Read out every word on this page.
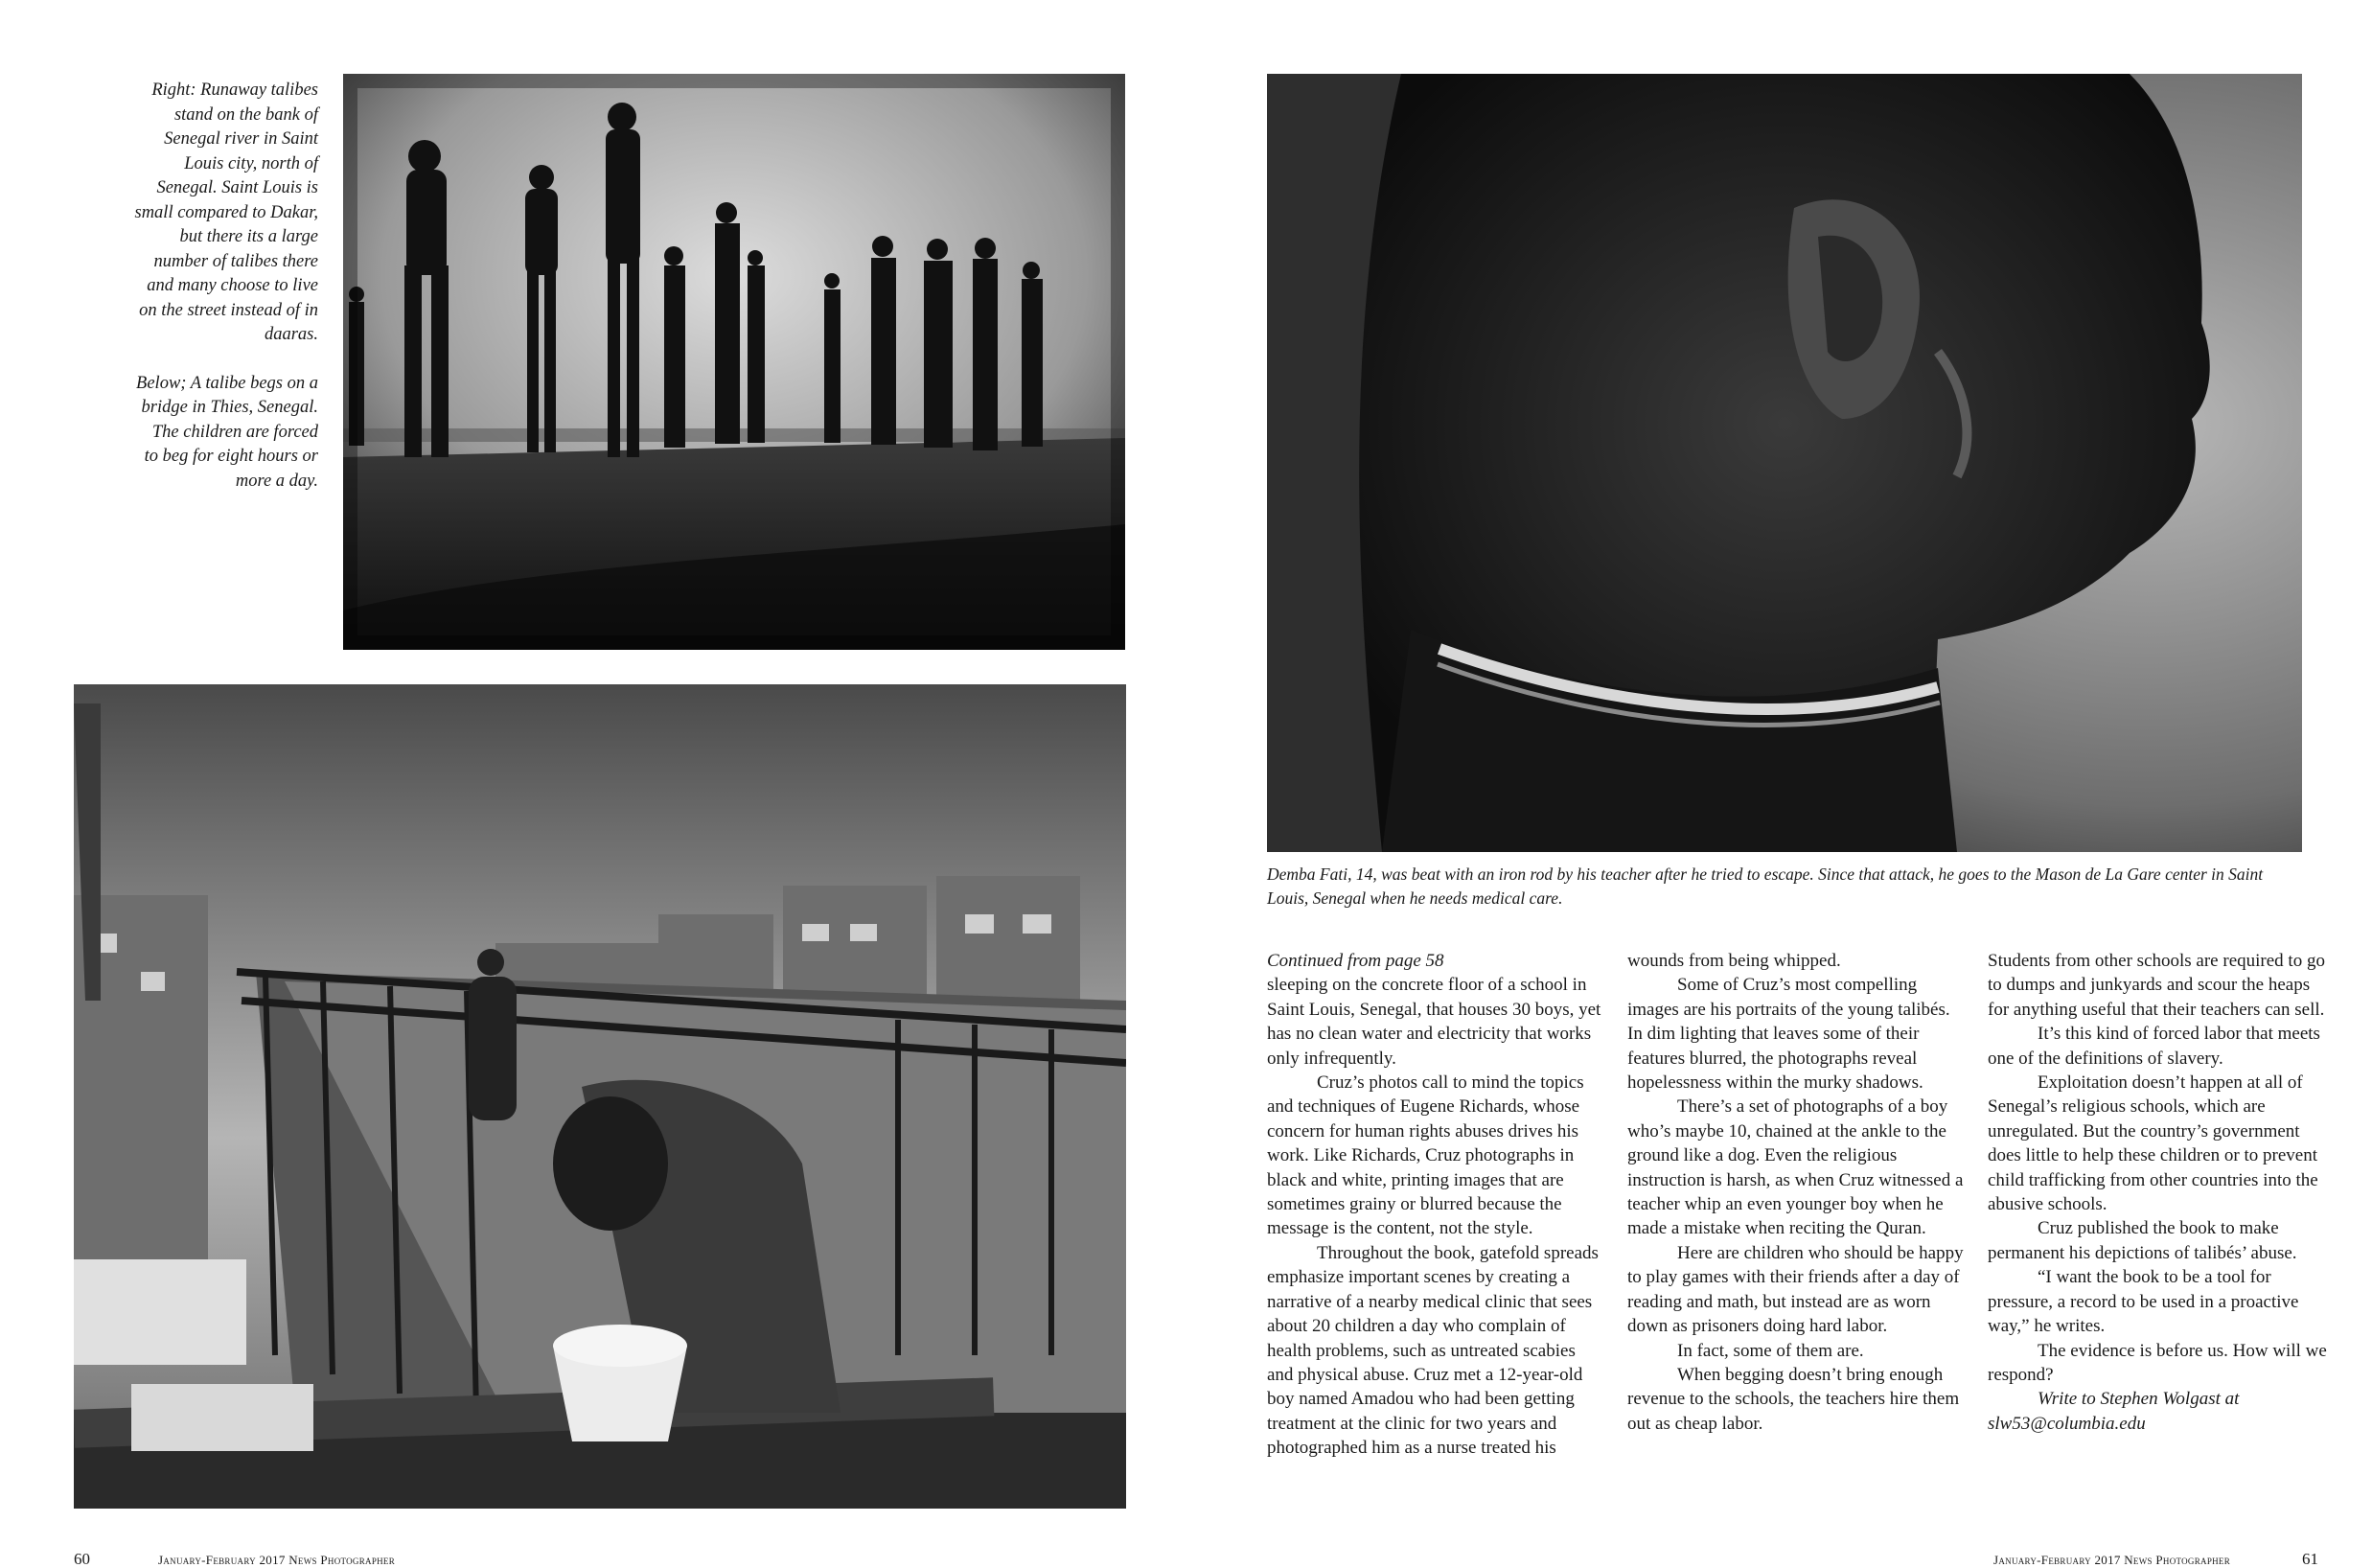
Right: Runaway talibes stand on the bank of Senegal river in Saint Louis city, north of Senegal. Saint Louis is small compared to Dakar, but there its a large number of talibes there and many choose to live on the street instead of in daaras.

Below; A talibe begs on a bridge in Thies, Senegal. The children are forced to beg for eight hours or more a day.

Demba Fati, 14, was beat with an iron rod by his teacher after he tried to escape. Since that attack, he goes to the Mason de La Gare center in Saint Louis, Senegal when he needs medical care.

Continued from page 58

sleeping on the concrete floor of a school in Saint Louis, Senegal, that houses 30 boys, yet has no clean water and electricity that works only infrequently.

Cruz’s photos call to mind the topics and techniques of Eugene Richards, whose concern for human rights abuses drives his work. Like Richards, Cruz photographs in black and white, printing images that are sometimes grainy or blurred because the message is the content, not the style.

Throughout the book, gatefold spreads emphasize important scenes by creating a narrative of a nearby medical clinic that sees about 20 children a day who complain of health problems, such as untreated scabies and physical abuse. Cruz met a 12-year-old boy named Amadou who had been getting treatment at the clinic for two years and photographed him as a nurse treated his

wounds from being whipped.

Some of Cruz’s most compelling images are his portraits of the young talibés. In dim lighting that leaves some of their features blurred, the photographs reveal hopelessness within the murky shadows.

There’s a set of photographs of a boy who’s maybe 10, chained at the ankle to the ground like a dog. Even the religious instruction is harsh, as when Cruz witnessed a teacher whip an even younger boy when he made a mistake when reciting the Quran.

Here are children who should be happy to play games with their friends after a day of reading and math, but instead are as worn down as prisoners doing hard labor.

In fact, some of them are.

When begging doesn’t bring enough revenue to the schools, the teachers hire them out as cheap labor.

Students from other schools are required to go to dumps and junkyards and scour the heaps for anything useful that their teachers can sell.

It’s this kind of forced labor that meets one of the definitions of slavery.

Exploitation doesn’t happen at all of Senegal’s religious schools, which are unregulated. But the country’s government does little to help these children or to prevent child trafficking from other countries into the abusive schools.

Cruz published the book to make permanent his depictions of talibés’ abuse.

“I want the book to be a tool for pressure, a record to be used in a proactive way,” he writes.

The evidence is before us. How will we respond?

Write to Stephen Wolgast at slw53@columbia.edu

60	January-February 2017 News Photographer	January-February 2017 News Photographer	61
